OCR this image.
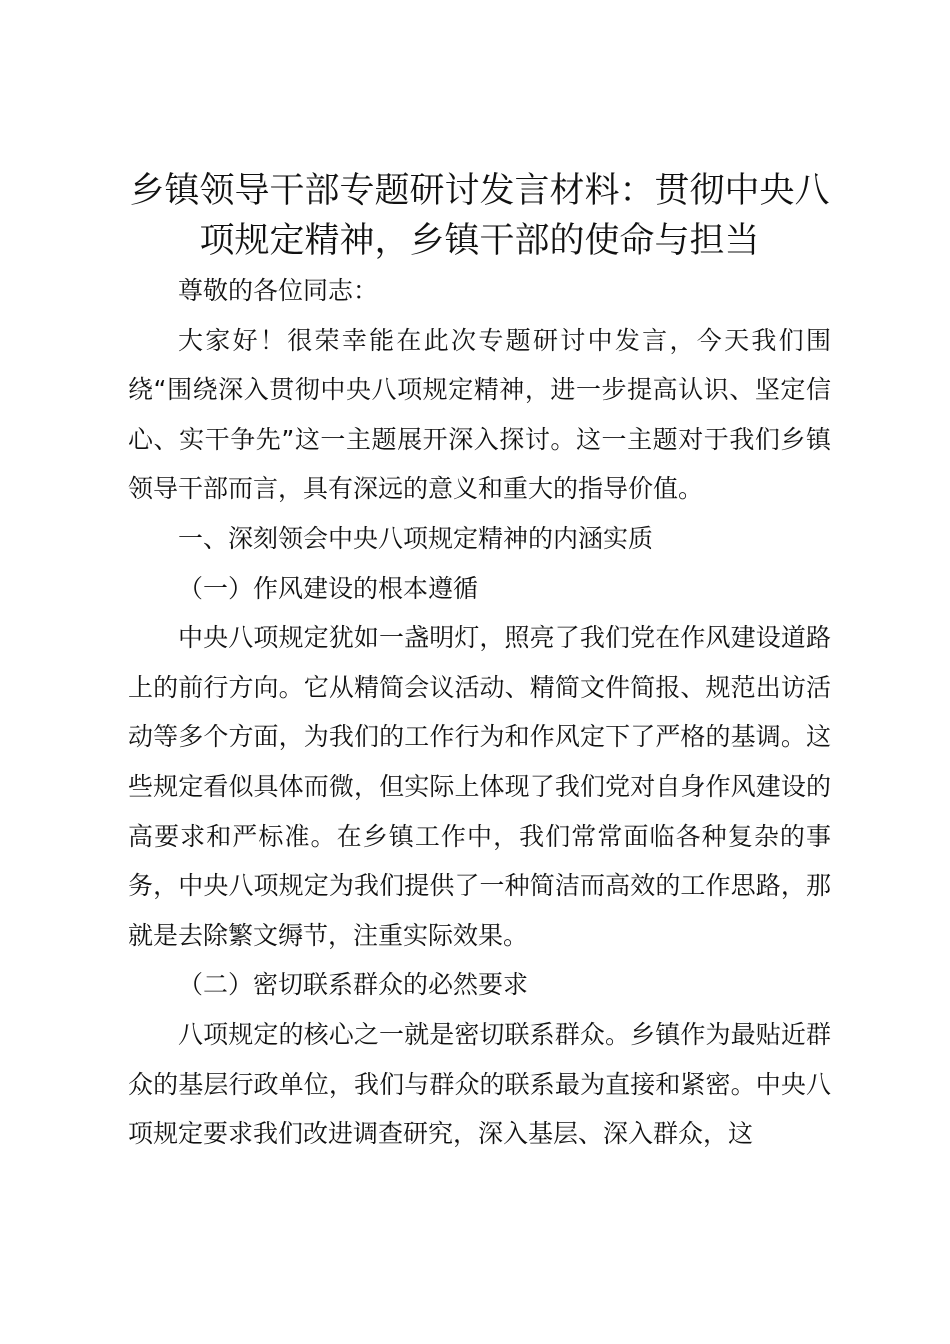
乡镇领导干部专题研讨发言材料：贯彻中央八
项规定精神，乡镇干部的使命与担当

尊敬的各位同志：

大家好！很荣幸能在此次专题研讨中发言，今天我们围绕“围绕深入贯彻中央八项规定精神，进一步提高认识、坚定信心、实干争先”这一主题展开深入探讨。这一主题对于我们乡镇领导干部而言，具有深远的意义和重大的指导价值。

一、深刻领会中央八项规定精神的内涵实质

（一）作风建设的根本遵循

中央八项规定犹如一盏明灯，照亮了我们党在作风建设道路上的前行方向。它从精简会议活动、精简文件简报、规范出访活动等多个方面，为我们的工作行为和作风定下了严格的基调。这些规定看似具体而微，但实际上体现了我们党对自身作风建设的高要求和严标准。在乡镇工作中，我们常常面临各种复杂的事务，中央八项规定为我们提供了一种简洁而高效的工作思路，那就是去除繁文缛节，注重实际效果。

（二）密切联系群众的必然要求

八项规定的核心之一就是密切联系群众。乡镇作为最贴近群众的基层行政单位，我们与群众的联系最为直接和紧密。中央八项规定要求我们改进调查研究，深入基层、深入群众，这
